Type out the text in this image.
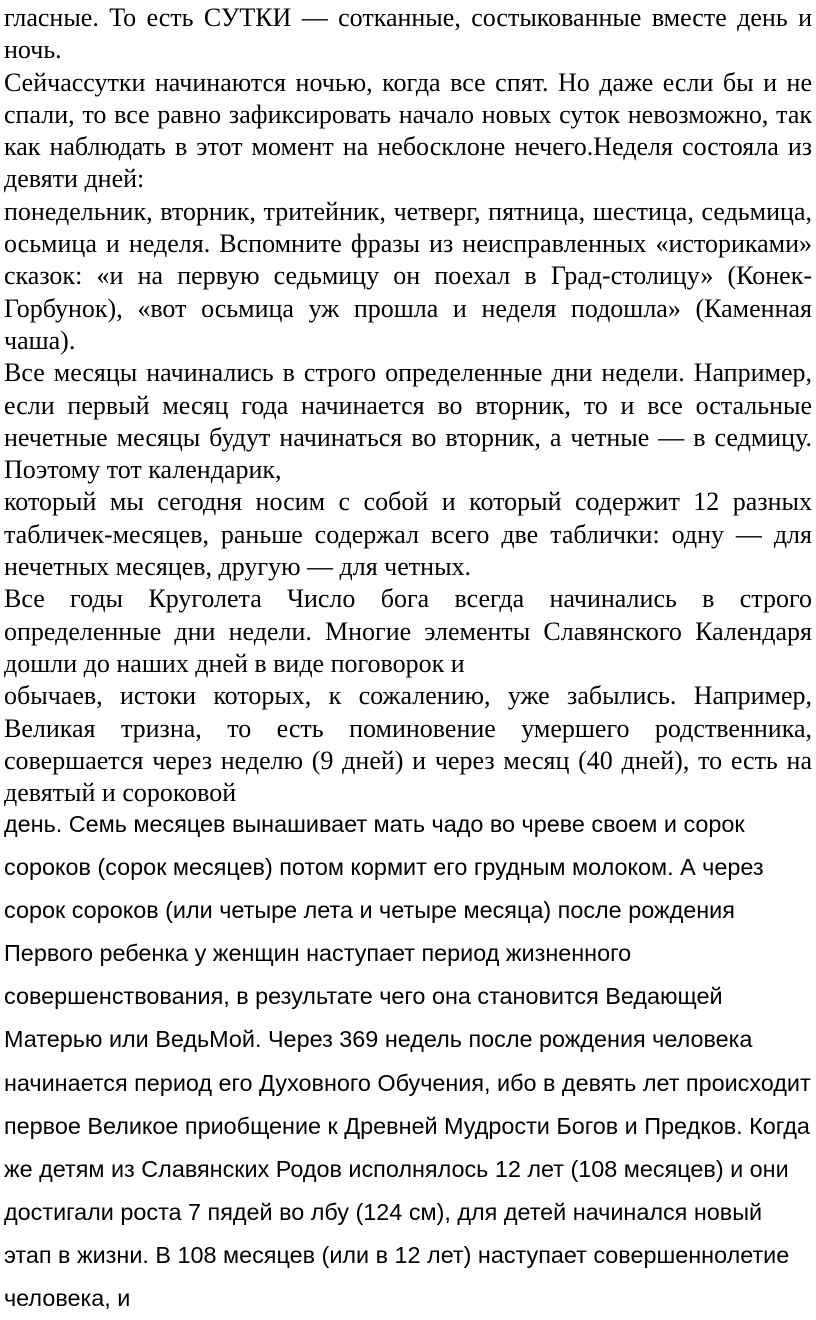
гласные. То есть СУТКИ — сотканные, состыкованные вместе день и ночь.

Сейчассутки начинаются ночью, когда все спят. Но даже если бы и не спали, то все равно зафиксировать начало новых суток невозможно, так как наблюдать в этот момент на небосклоне нечего.Неделя состояла из девяти дней:

понедельник, вторник, тритейник, четверг, пятница, шестица, седьмица, осьмица и неделя. Вспомните фразы из неисправленных «историками» сказок: «и на первую седьмицу он поехал в Град-столицу» (Конек-Горбунок), «вот осьмица уж прошла и неделя подошла» (Каменная чаша).

Все месяцы начинались в строго определенные дни недели. Например, если первый месяц года начинается во вторник, то и все остальные нечетные месяцы будут начинаться во вторник, а четные — в седмицу. Поэтому тот календарик,

который мы сегодня носим с собой и который содержит 12 разных табличек-месяцев, раньше содержал всего две таблички: одну — для нечетных месяцев, другую — для четных.

Все годы Круголета Число бога всегда начинались в строго определенные дни недели. Многие элементы Славянского Календаря дошли до наших дней в виде поговорок и

обычаев, истоки которых, к сожалению, уже забылись. Например, Великая тризна, то есть поминовение умершего родственника, совершается через неделю (9 дней) и через месяц (40 дней), то есть на девятый и сороковой

день. Семь месяцев вынашивает мать чадо во чреве своем и сорок сороков (сорок месяцев) потом кормит его грудным молоком. А через сорок сороков (или четыре лета и четыре месяца) после рождения Первого ребенка у женщин наступает период жизненного совершенствования, в результате чего она становится Ведающей Матерью или ВедьМой. Через 369 недель после рождения человека начинается период его Духовного Обучения, ибо в девять лет происходит первое Великое приобщение к Древней Мудрости Богов и Предков. Когда же детям из Славянских Родов исполнялось 12 лет (108 месяцев) и они достигали роста 7 пядей во лбу (124 см), для детей начинался новый этап в жизни. В 108 месяцев (или в 12 лет) наступает совершеннолетие человека, и
